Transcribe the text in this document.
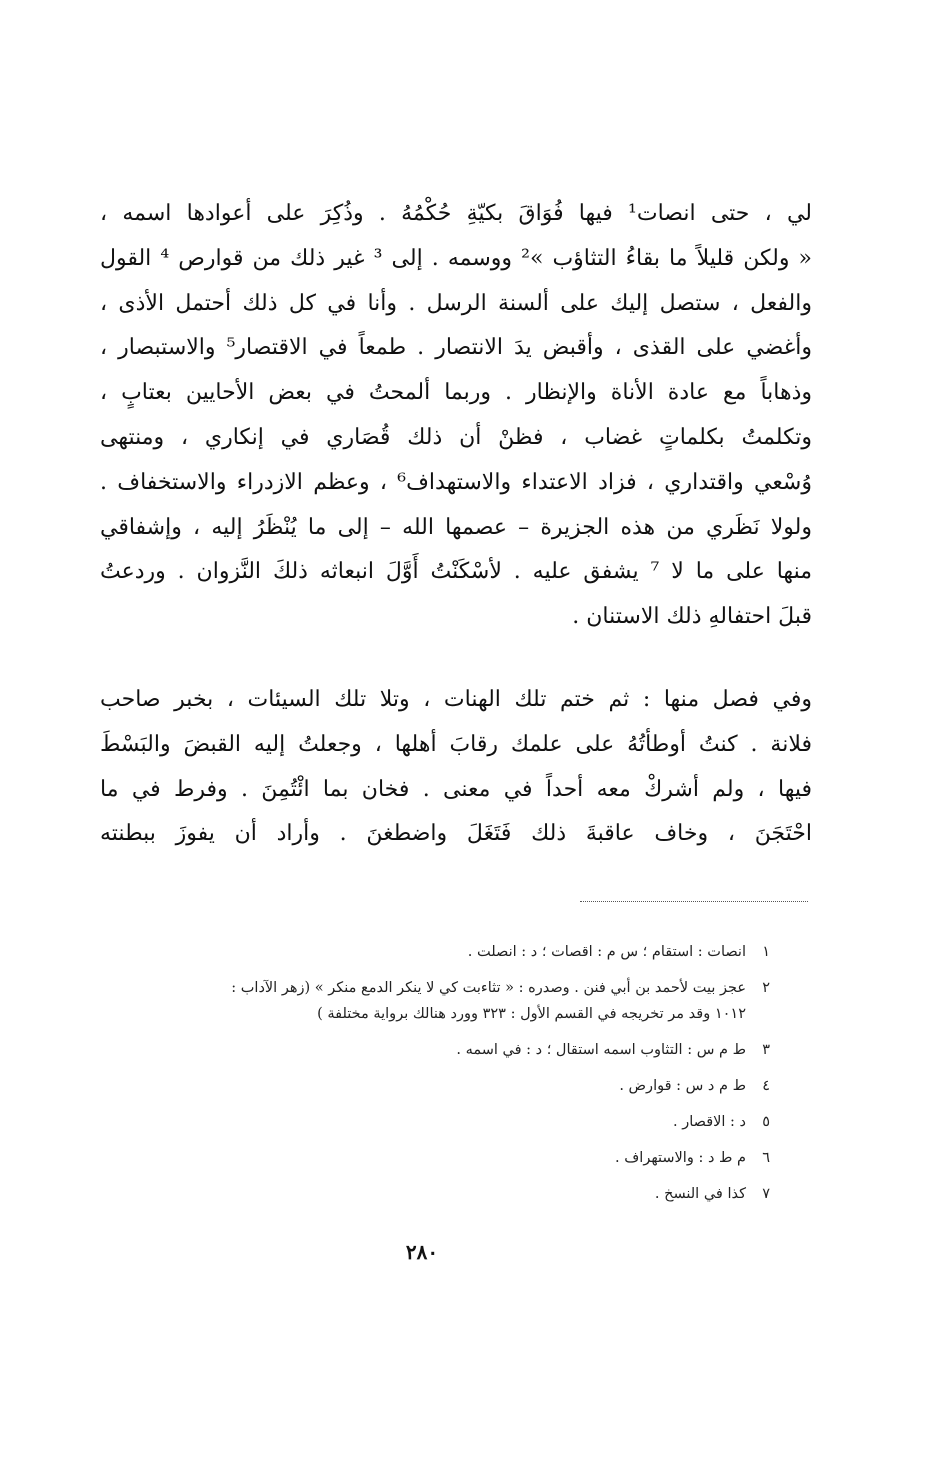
لي ، حتى انصات¹ فيها فُوَاقَ بكيّةِ حُكْمُهُ . وذُكِرَ على أعوادها اسمه ،
« ولكن قليلاً ما بقاءُ التثاؤب »² ووسمه . إلى ³ غير ذلك من قوارص ⁴ القول
والفعل ، ستصل إليك على ألسنة الرسل . وأنا في كل ذلك أحتمل الأذى ،
وأغضي على القذى ، وأقبض يدَ الانتصار . طمعاً في الاقتصار⁵ والاستبصار ،
وذهاباً مع عادة الأناة والإنظار . وربما ألمحتُ في بعض الأحايين بعتابٍ ،
وتكلمتُ بكلماتٍ غضاب ، فظنْ أن ذلك قُصَاري في إنكاري ، ومنتهى
وُسْعي واقتداري ، فزاد الاعتداء والاستهداف⁶ ، وعظم الازدراء والاستخفاف .
ولولا نَظَري من هذه الجزيرة – عصمها الله – إلى ما يُنْظَرُ إليه ، وإشفاقي
منها على ما لا ⁷ يشفق عليه . لأسْكَنْتُ أَوَّلَ انبعاثه ذلكَ النَّزوان . وردعتُ
قبلَ احتفالهِ ذلك الاستنان .
وفي فصل منها : ثم ختم تلك الهنات ، وتلا تلك السيئات ، بخبر صاحب
فلانة . كنتُ أوطأتُهُ على علمك رقابَ أهلها ، وجعلتُ إليه القبضَ والبَسْطَ
فيها ، ولم أشركْ معه أحداً في معنى . فخان بما ائْتُمِنَ . وفرط في ما
احْتَجَنَ ، وخاف عاقبةَ ذلك فَتَغَلَ واضطغنَ . وأراد أن يفوزَ ببطنته
١انصات : استقام ؛ س م : اقصات ؛ د : انصلت .
٢عجز بيت لأحمد بن أبي فنن . وصدره : « تثاءبت كي لا ينكر الدمع منكر » (زهر الآداب :
١٠١٢ وقد مر تخريجه في القسم الأول : ٣٢٣ وورد هنالك برواية مختلفة )
٣ط م س : التثاوب اسمه استقال ؛ د : في اسمه .
٤ط م د س : قوارض .
٥د : الاقصار .
٦م ط د : والاستهراف .
٧كذا في النسخ .
٢٨٠
